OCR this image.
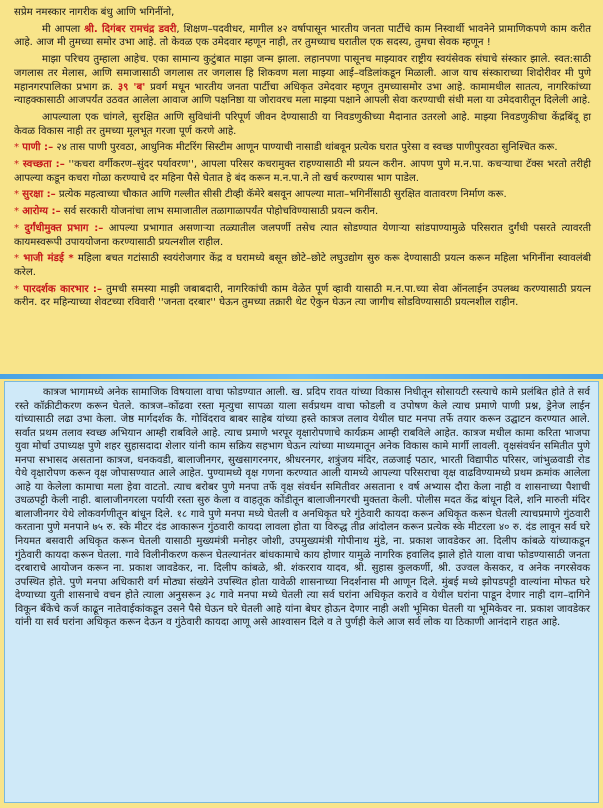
सप्रेम नमस्कार नागरीक बंधु आणि भगिनींनो,

मी आपला श्री. दिगंबर रामचंद्र डवरी, शिक्षण–पदवीधर, मागील ४२ वर्षापासून भारतीय जनता पार्टीचे काम निस्वार्थी भावनेने प्रामाणिकपणे काम करीत आहे. आज मी तुमच्या समोर उभा आहे. तो केवळ एक उमेदवार म्हणून नाही, तर तुमच्याच घरातील एक सदस्य, तुमचा सेवक म्हणून !

माझा परिचय तुम्हाला आहेच. एका सामान्य कुटुंबात माझा जन्म झाला. लहानपणा पासूनच माझ्यावर राष्ट्रीय स्वयंसेवक संघाचे संस्कार झाले. स्वत:साठी जगलास तर मेलास, आणि समाजासाठी जगलास तर जगलास हि शिकवण मला माझ्या आई–वडिलांकडून मिळाली. आज याच संस्काराच्या शिदोरीवर मी पुणे महानगरपालिका प्रभाग क्र. ३९ 'ब' प्रवर्ग मधून भारतीय जनता पार्टीचा अधिकृत उमेदवार म्हणून तुमच्यासमोर उभा आहे. कामामधील सातत्य, नागरिकांच्या न्याहक्कासाठी आजपर्यंत उठवत आलेला आवाज आणि पक्षनिष्ठा या जोरावरच मला माझ्या पक्षाने आपली सेवा करण्याची संधी मला या उमेदवारीतून दिलेली आहे.

आपल्याला एक चांगले, सुरक्षित आणि सुविधांनी परिपूर्ण जीवन देण्यासाठी या निवडणुकीच्या मैदानात उतरलो आहे. माझ्या निवडणुकीचा केंद्रबिंदू हा केवळ विकास नाही तर तुमच्या मूलभूत गरजा पूर्ण करणे आहे.

* पाणी :– २४ तास पाणी पुरवठा, आधुनिक मीटरिंग सिस्टीम आणून पाण्याची नासाडी थांबवून प्रत्येक घरात पुरेसा व स्वच्छ पाणीपुरवठा सुनिश्चित करू.

* स्वच्छता :– ''कचरा वर्गीकरण–सुंदर पर्यावरण'', आपला परिसर कचरामुक्त राहण्यासाठी मी प्रयत्न करीन. आपण पुणे म.न.पा. कचऱ्याचा टॅक्स भरतो तरीही आपल्या कडून कचरा गोळा करण्याचे दर महिना पैसे घेतात हे बंद करून म.न.पा.ने तो खर्च करण्यास भाग पाडेल.

* सुरक्षा :– प्रत्येक महत्वाच्या चौकात आणि गल्लीत सीसी टीव्ही कॅमेरे बसवून आपल्या माता–भगिनींसाठी सुरक्षित वातावरण निर्माण करू.

* आरोग्य :– सर्व सरकारी योजनांचा लाभ समाजातील तळागाळापर्यंत पोहोचविण्यासाठी प्रयत्न करीन.

* दुर्गंधीमुक्त प्रभाग :– आपल्या प्रभागात असणाऱ्या तळ्यातील जलपर्णी तसेच त्यात सोडण्यात येणाऱ्या सांडपाण्यामुळे परिसरात दुर्गंधी पसरते त्यावरती कायमस्वरूपी उपाययोजना करण्यासाठी प्रयत्नशील राहील.

* भाजी मंडई * महिला बचत गटांसाठी स्वयंरोजगार केंद्र व घरामध्ये बसून छोटे–छोटे लघुउद्योग सुरु करू देण्यासाठी प्रयत्न करून महिला भगिनींना स्वावलंबी करेल.

* पारदर्शक कारभार :– तुमची समस्या माझी जबाबदारी, नागरिकांची काम वेळेत पूर्ण व्हावी यासाठी म.न.पा.च्या सेवा ऑनलाईन उपलब्ध करण्यासाठी प्रयत्न करीन. दर महिन्याच्या शेवटच्या रविवारी ''जनता दरबार'' घेऊन तुमच्या तक्रारी थेट ऐकुन घेऊन त्या जागीच सोडविण्यासाठी प्रयत्नशील राहीन.

कात्रज भागामध्ये अनेक सामाजिक विषयाला वाचा फोडण्यात आली. ख. प्रदिप रावत यांच्या विकास निधीतून सोसायटी रस्त्याचे कामे प्रलंबित होते ते सर्व रस्ते कॉक्रीटीकरण करून घेतले. कात्रज–कोंढवा रस्ता मृत्युचा सापळा याला सर्वप्रथम वाचा फोडली व उपोषण केले त्याच प्रमाणे पाणी प्रश्न, ड्रेनेज लाईन यांच्यासाठी लढा उभा केला. जेष्ठ मार्गदर्शक कै. गोविंदराव बाबर साहेब यांच्या हस्ते कात्रज तलाव येथील घाट मनपा तर्फे तयार करून उद्घाटन करण्यात आले. सर्वात प्रथम तलाव स्वच्छ अभियान आम्ही राबविले आहे. त्याच प्रमाणे भरपूर वृक्षारोपणाचे कार्यक्रम आम्ही राबविले आहेत. कात्रज मधील कामा करिता भाजपा युवा मोर्चा उपाध्यक्ष पुणे शहर सुहासदादा शेलार यांनी काम सक्रिय सहभाग घेऊन त्यांच्या माध्यमातून अनेक विकास कामे मार्गी लावली. वृक्षसंवर्धन समितीत पुणे मनपा सभासद असताना कात्रज, धनकवडी, बालाजीनगर, सुखसागरनगर, श्रीधरनगर, शत्रुंजय मंदिर, तळजाई पठार, भारती विद्यापीठ परिसर, जांभुळवाडी रोड येथे वृक्षारोपण करून वृक्ष जोपासण्यात आले आहेत. पुण्यामध्ये वृक्ष गणना करण्यात आली यामध्ये आपल्या परिसराचा वृक्ष वाढविण्यामध्ये प्रथम क्रमांक आलेला आहे या केलेला कामाचा मला हेवा वाटतो. त्याच बरोबर पुणे मनपा तर्फे वृक्ष संवर्धन समितीवर असताना १ वर्ष अभ्यास दौरा केला नाही व शासनाच्या पैशाची उधळपट्टी केली नाही. बालाजीनगरला पर्यायी रस्ता सुरु केला व वाहतूक कोंडीतून बालाजीनगरची मुक्तता केली. पोलीस मदत केंद्र बांधून दिले, शनि मारुती मंदिर बालाजीनगर येथे लोकवर्गणीतून बांधून दिले. १८ गावे पुणे मनपा मध्ये घेतली व अनधिकृत घरे गुंठेवारी कायदा करून अधिकृत करून घेतली त्याचप्रमाणे गुंठवारी करताना पुणे मनपाने ७५ रु. स्के मीटर दंड आकारून गुंठवारी कायदा लावला होता या विरुद्ध तीव्र आंदोलन करून प्रत्येक स्के मीटरला ४० रु. दंड लावून सर्व घरे नियमत बसवारी अधिकृत करून घेतली यासाठी मुख्यमंत्री मनोहर जोशी, उपमुख्यमंत्री गोपीनाथ मुंडे, ना. प्रकाश जावडेकर आ. दिलीप कांबळे यांच्याकडून गुंठेवारी कायदा करून घेतला. गावे विलीनीकरण करून घेतल्यानंतर बांधकामाचे काय होणार यामुळे नागरिक हवालिद झाले होते याला वाचा फोडण्यासाठी जनता दरबाराचे आयोजन करून ना. प्रकाश जावडेकर, ना. दिलीप कांबळे, श्री. शंकरराव यादव, श्री. सुहास कुलकर्णी, श्री. उज्वल केसकर, व अनेक नगरसेवक उपस्थित होते. पुणे मनपा अधिकारी वर्ग मोठ्या संख्येने उपस्थित होता यावेळी शासनाच्या निदर्शनास मी आणून दिले. मुंबई मध्ये झोपडपट्टी वाल्यांना मोफत घरे देण्याच्या युती शासनाचे वचन होते त्याला अनुसरून ३८ गावे मनपा मध्ये घेतली त्या सर्व घरांना अधिकृत करावे व येथील घरांना पाडून देणार नाही दाग–दागिने विकून बँकेचे कर्ज काढून नातेवाईकांकडून उसने पैसे घेऊन घरे घेतली आहे यांना बेघर होऊन देणार नाही अशी भूमिका घेतली या भूमिकेवर ना. प्रकाश जावडेकर यांनी या सर्व घरांना अधिकृत करून देऊन व गुंठेवारी कायदा आणू असे आश्वासन दिले व ते पुर्णही केले आज सर्व लोक या ठिकाणी आनंदाने राहत आहे.
